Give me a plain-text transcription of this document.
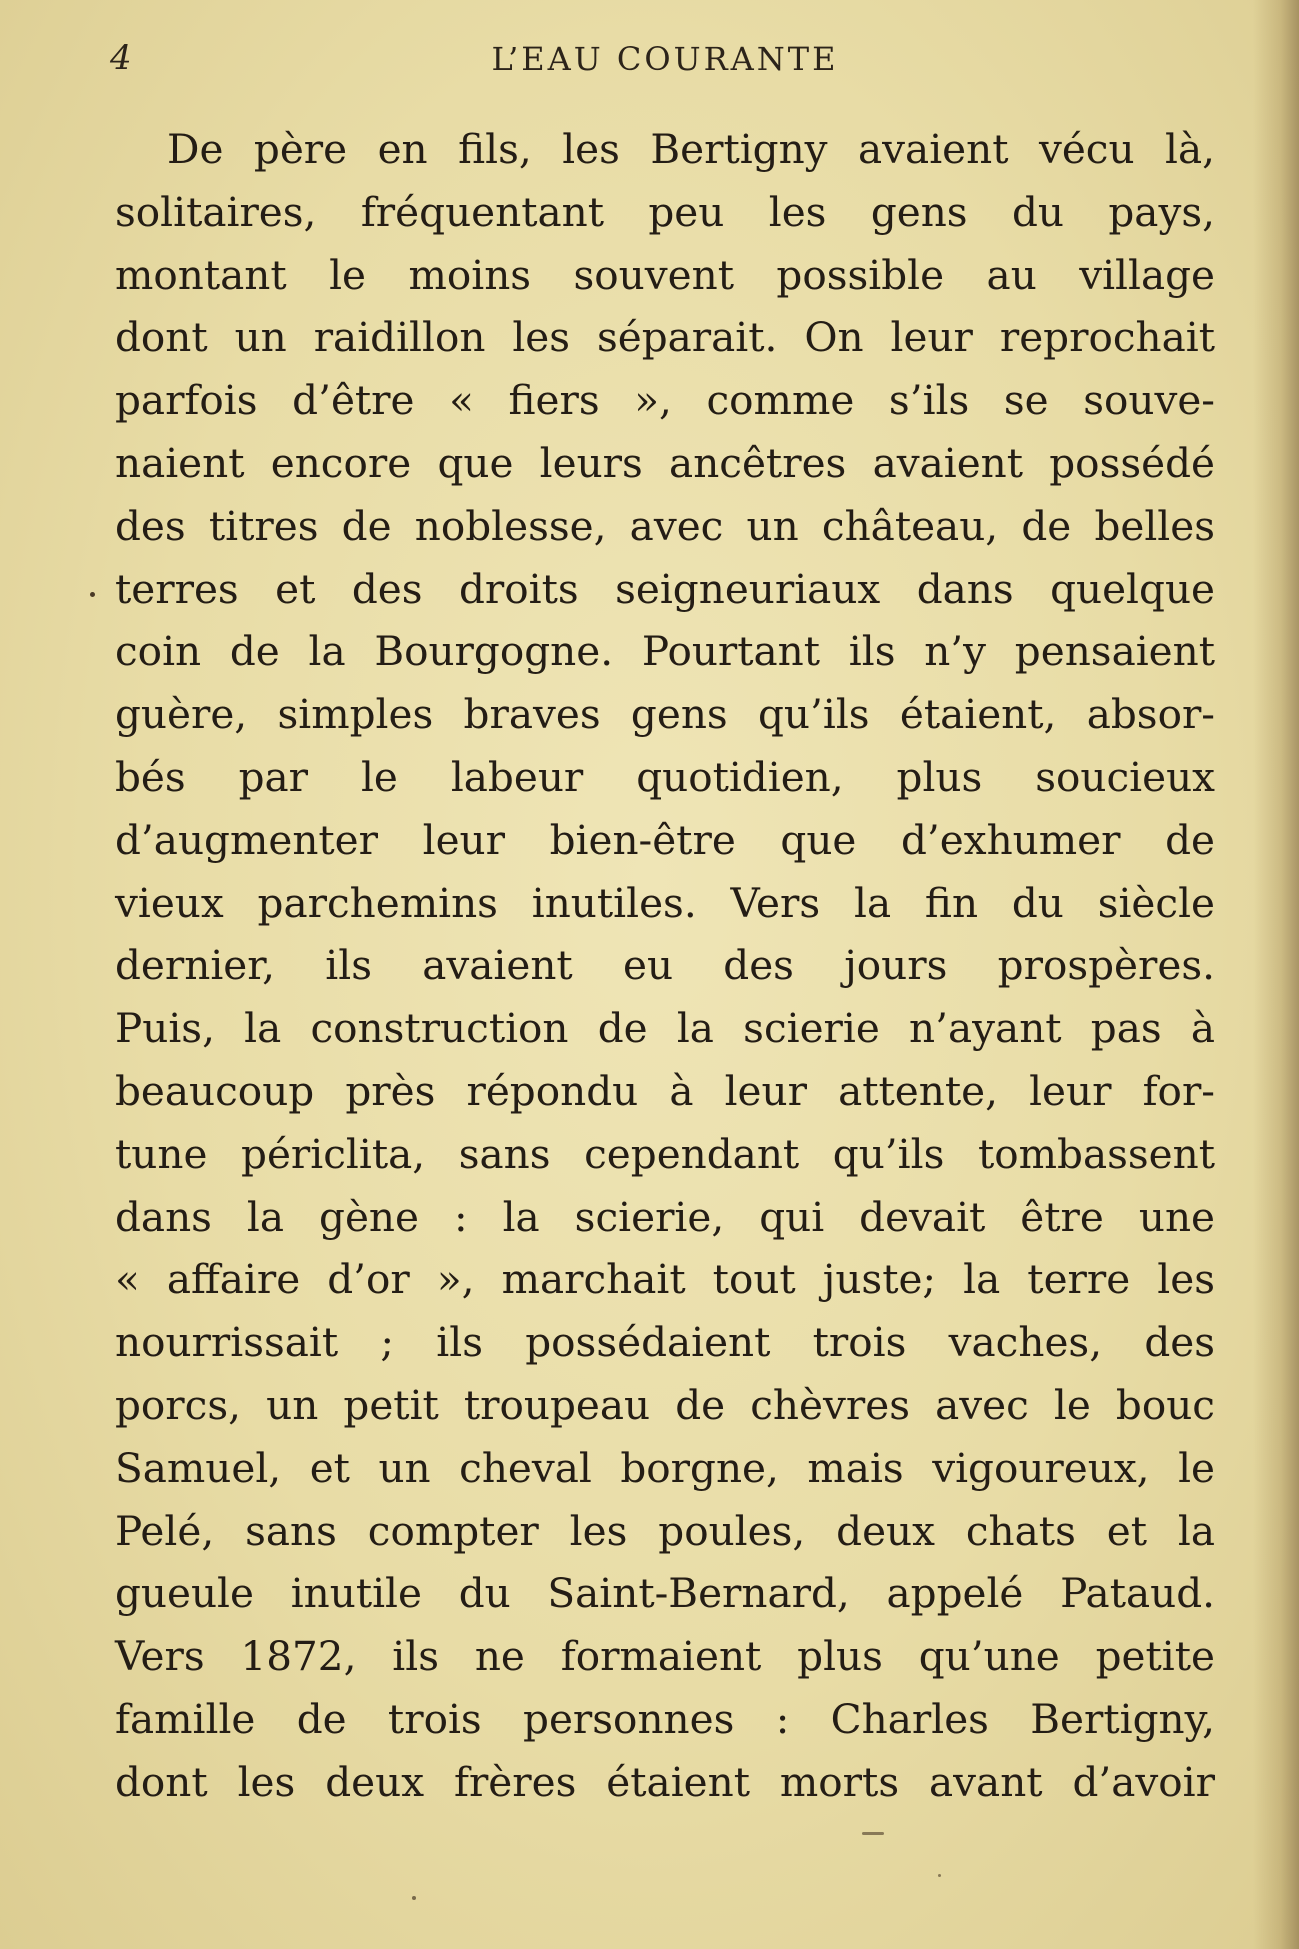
4	L’EAU COURANTE
De père en fils, les Bertigny avaient vécu là,
solitaires, fréquentant peu les gens du pays,
montant le moins souvent possible au village
dont un raidillon les séparait. On leur reprochait
parfois d’être « fiers », comme s’ils se souve-
naient encore que leurs ancêtres avaient possédé
des titres de noblesse, avec un château, de belles
terres et des droits seigneuriaux dans quelque
coin de la Bourgogne. Pourtant ils n’y pensaient
guère, simples braves gens qu’ils étaient, absor-
bés par le labeur quotidien, plus soucieux
d’augmenter leur bien-être que d’exhumer de
vieux parchemins inutiles. Vers la fin du siècle
dernier, ils avaient eu des jours prospères.
Puis, la construction de la scierie n’ayant pas à
beaucoup près répondu à leur attente, leur for-
tune périclita, sans cependant qu’ils tombassent
dans la gène : la scierie, qui devait être une
« affaire d’or », marchait tout juste; la terre les
nourrissait ; ils possédaient trois vaches, des
porcs, un petit troupeau de chèvres avec le bouc
Samuel, et un cheval borgne, mais vigoureux, le
Pelé, sans compter les poules, deux chats et la
gueule inutile du Saint-Bernard, appelé Pataud.
Vers 1872, ils ne formaient plus qu’une petite
famille de trois personnes : Charles Bertigny,
dont les deux frères étaient morts avant d’avoir
